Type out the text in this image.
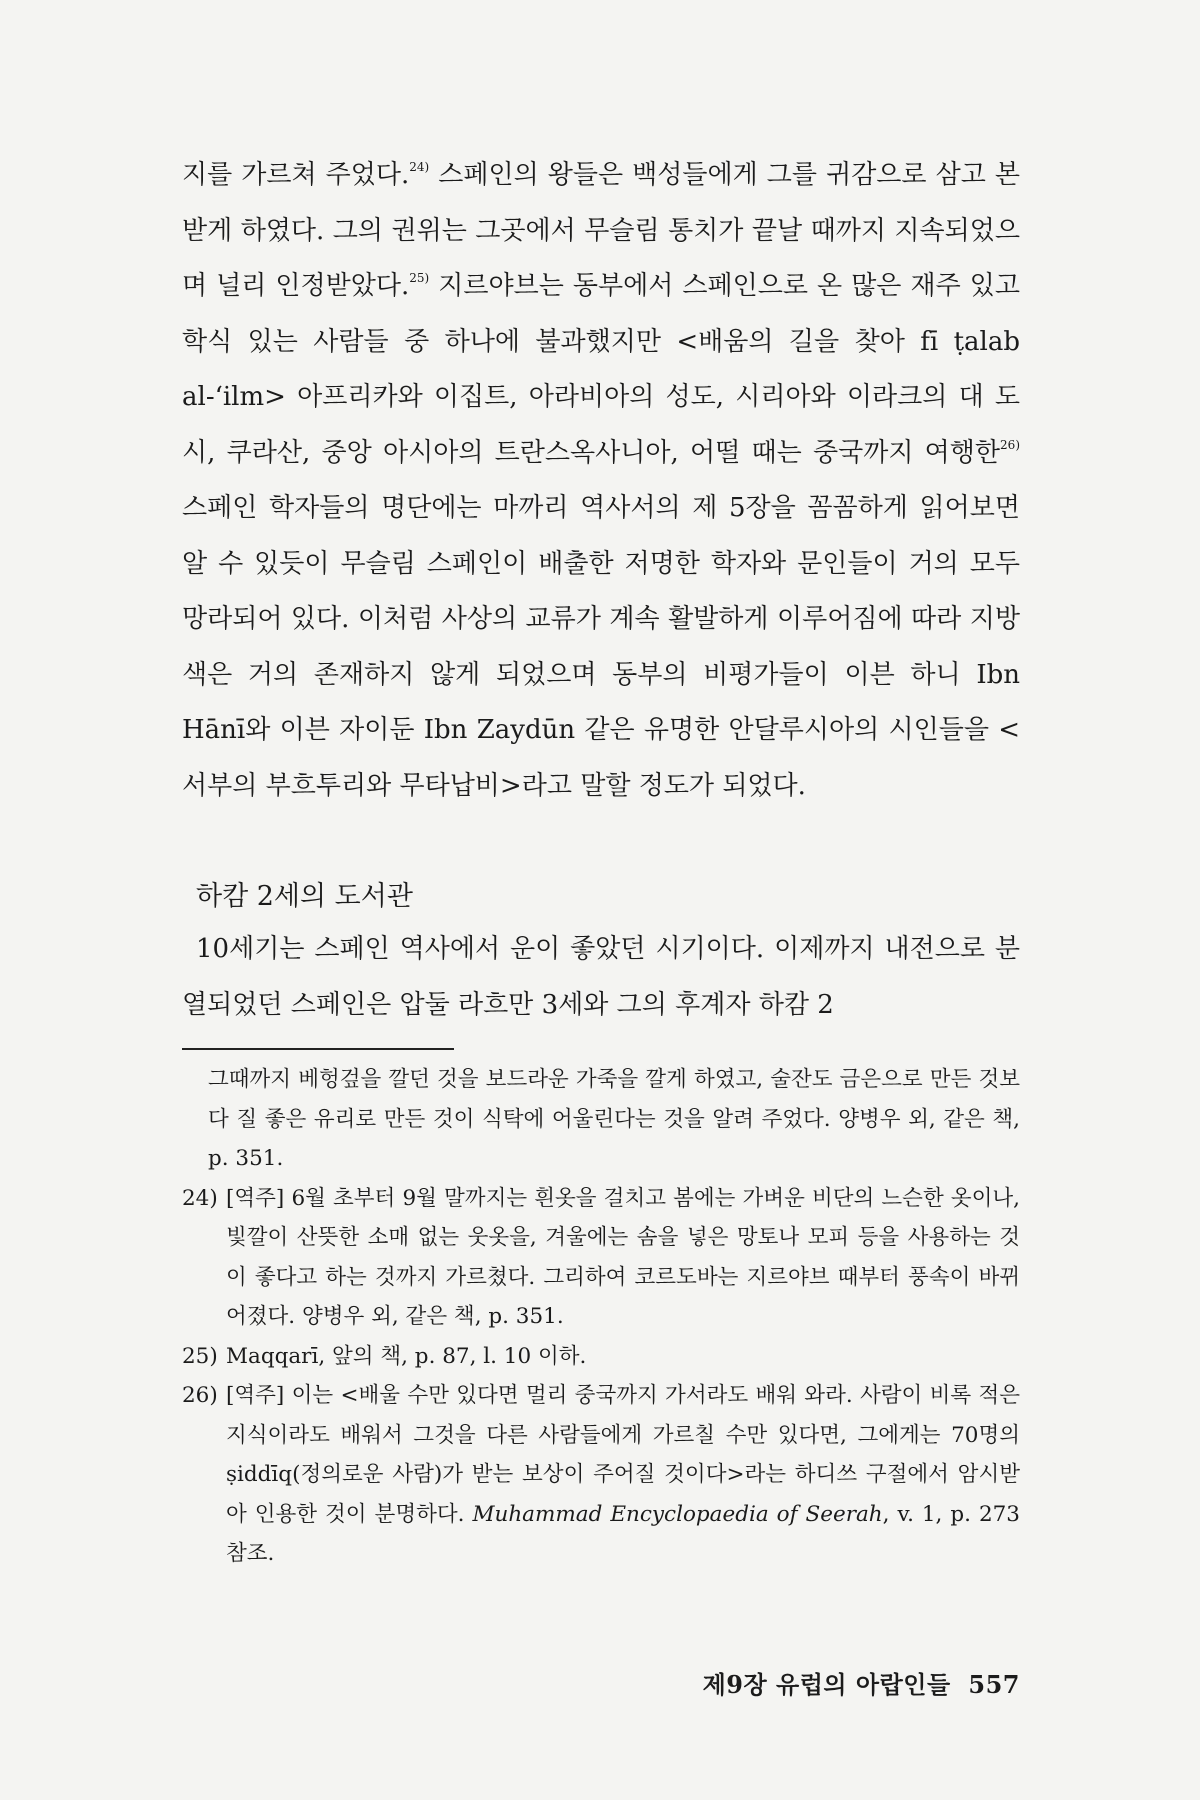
지를 가르쳐 주었다.$^{24)}$ 스페인의 왕들은 백성들에게 그를 귀감으로 삼고 본받게 하였다. 그의 권위는 그곳에서 무슬림 통치가 끝날 때까지 지속되었으며 널리 인정받았다.$^{25)}$ 지르야브는 동부에서 스페인으로 온 많은 재주 있고 학식 있는 사람들 중 하나에 불과했지만 <배움의 길을 찾아 fī ṭalab al-‘ilm> 아프리카와 이집트, 아라비아의 성도, 시리아와 이라크의 대 도시, 쿠라산, 중앙 아시아의 트란스옥사니아, 어떨 때는 중국까지 여행한$^{26)}$ 스페인 학자들의 명단에는 마까리 역사서의 제 5장을 꼼꼼하게 읽어보면 알 수 있듯이 무슬림 스페인이 배출한 저명한 학자와 문인들이 거의 모두 망라되어 있다. 이처럼 사상의 교류가 계속 활발하게 이루어짐에 따라 지방색은 거의 존재하지 않게 되었으며 동부의 비평가들이 이븐 하니 Ibn Hānī와 이븐 자이둔 Ibn Zaydūn 같은 유명한 안달루시아의 시인들을 <서부의 부흐투리와 무타납비>라고 말할 정도가 되었다.

하캄 2세의 도서관

10세기는 스페인 역사에서 운이 좋았던 시기이다. 이제까지 내전으로 분열되었던 스페인은 압둘 라흐만 3세와 그의 후계자 하캄 2

그때까지 베헝겊을 깔던 것을 보드라운 가죽을 깔게 하였고, 술잔도 금은으로 만든 것보다 질 좋은 유리로 만든 것이 식탁에 어울린다는 것을 알려 주었다. 양병우 외, 같은 책, p. 351.

24) [역주] 6월 초부터 9월 말까지는 흰옷을 걸치고 봄에는 가벼운 비단의 느슨한 옷이나, 빛깔이 산뜻한 소매 없는 웃옷을, 겨울에는 솜을 넣은 망토나 모피 등을 사용하는 것이 좋다고 하는 것까지 가르쳤다. 그리하여 코르도바는 지르야브 때부터 풍속이 바뀌어졌다. 양병우 외, 같은 책, p. 351.

25) Maqqarī, 앞의 책, p. 87, l. 10 이하.

26) [역주] 이는 <배울 수만 있다면 멀리 중국까지 가서라도 배워 와라. 사람이 비록 적은 지식이라도 배워서 그것을 다른 사람들에게 가르칠 수만 있다면, 그에게는 70명의 ṣiddīq(정의로운 사람)가 받는 보상이 주어질 것이다>라는 하디쓰 구절에서 암시받아 인용한 것이 분명하다. Muhammad Encyclopaedia of Seerah, v. 1, p. 273 참조.

제9장 유럽의 아랍인들 557
